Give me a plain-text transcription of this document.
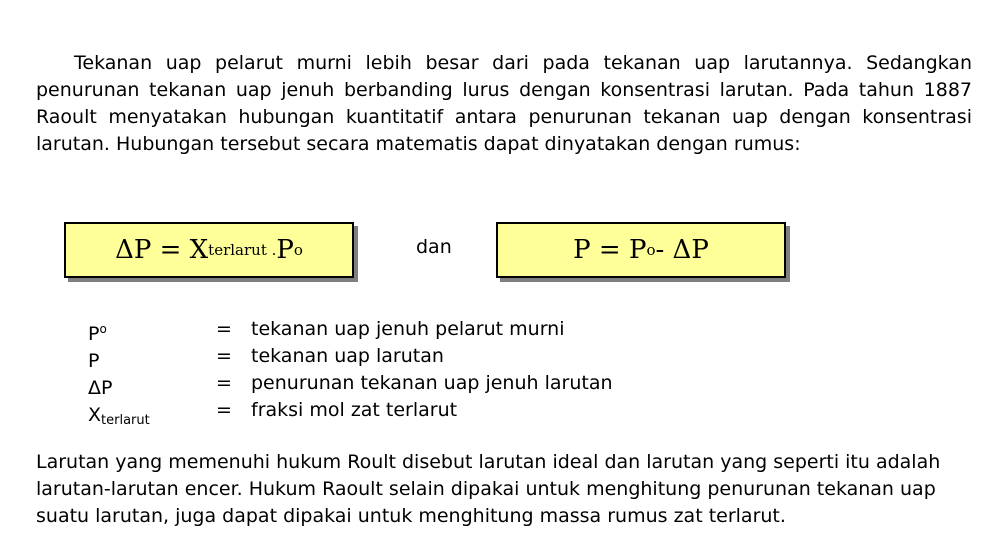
Tekanan uap pelarut murni lebih besar dari pada tekanan uap larutannya. Sedangkan penurunan tekanan uap jenuh berbanding lurus dengan konsentrasi larutan. Pada tahun 1887 Raoult menyatakan hubungan kuantitatif antara penurunan tekanan uap dengan konsentrasi larutan. Hubungan tersebut secara matematis dapat dinyatakan dengan rumus:

ΔP = X terlarut . P o	dan	P = P o - ΔP
$P^o$	= tekanan uap jenuh pelarut murni
P	= tekanan uap larutan
ΔP	= penurunan tekanan uap jenuh larutan
$X_{terlarut}$	= fraksi mol zat terlarut

Larutan yang memenuhi hukum Roult disebut larutan ideal dan larutan yang seperti itu adalah larutan-larutan encer. Hukum Raoult selain dipakai untuk menghitung penurunan tekanan uap suatu larutan, juga dapat dipakai untuk menghitung massa rumus zat terlarut.
